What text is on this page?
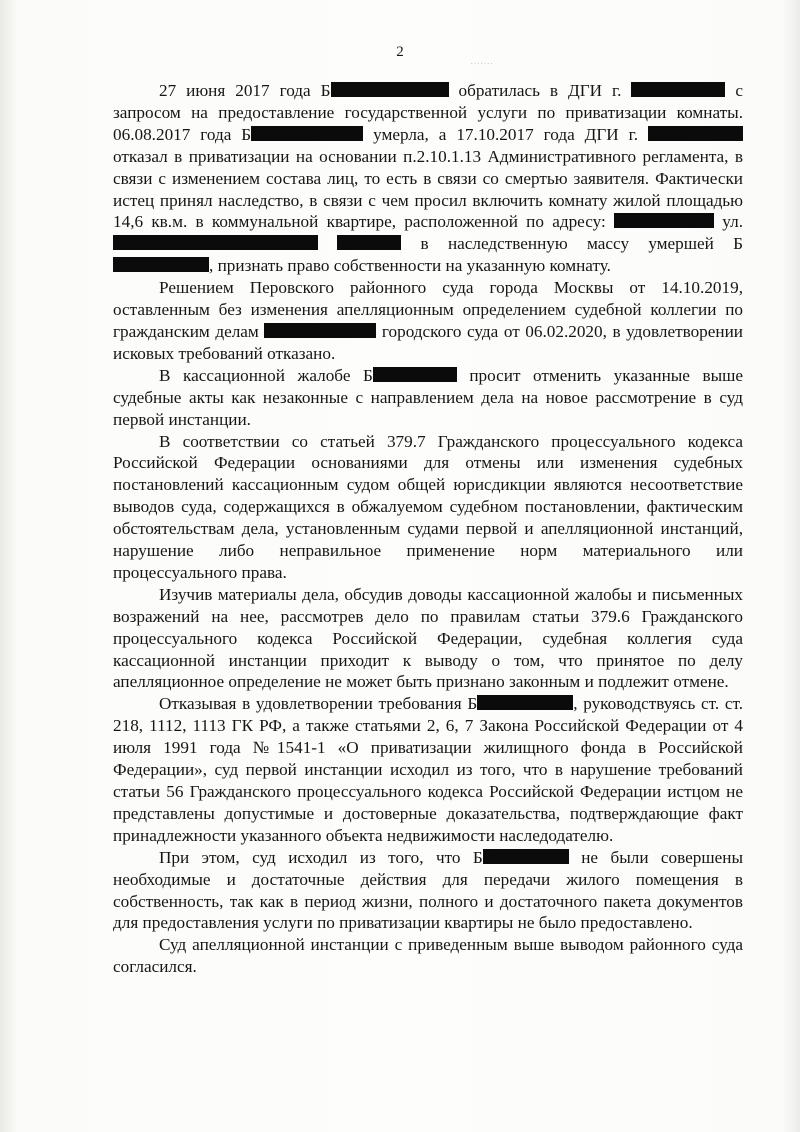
·······
2

27 июня 2017 года Б	обратилась в ДГИ г.	с запросом на предоставление государственной услуги по приватизации комнаты. 06.08.2017 года Б	умерла, а 17.10.2017 года ДГИ г.  отказал в приватизации на основании п.2.10.1.13 Административного регламента, в связи с изменением состава лиц, то есть в связи со смертью заявителя. Фактически истец принял наследство, в связи с чем просил включить комнату жилой площадью 14,6 кв.м. в коммунальной квартире, расположенной по адресу:	ул.   в наследственную массу умершей Б, признать право собственности на указанную комнату.

Решением Перовского районного суда города Москвы от 14.10.2019, оставленным без изменения апелляционным определением судебной коллегии по гражданским делам	городского суда от 06.02.2020, в удовлетворении исковых требований отказано.

В кассационной жалобе Б	просит отменить указанные выше судебные акты как незаконные с направлением дела на новое рассмотрение в суд первой инстанции.

В соответствии со статьей 379.7 Гражданского процессуального кодекса Российской Федерации основаниями для отмены или изменения судебных постановлений кассационным судом общей юрисдикции являются несоответствие выводов суда, содержащихся в обжалуемом судебном постановлении, фактическим обстоятельствам дела, установленным судами первой и апелляционной инстанций, нарушение либо неправильное применение норм материального или процессуального права.

Изучив материалы дела, обсудив доводы кассационной жалобы и письменных возражений на нее, рассмотрев дело по правилам статьи 379.6 Гражданского процессуального кодекса Российской Федерации, судебная коллегия суда кассационной инстанции приходит к выводу о том, что принятое по делу апелляционное определение не может быть признано законным и подлежит отмене.

Отказывая в удовлетворении требования Б	, руководствуясь ст. ст. 218, 1112, 1113 ГК РФ, а также статьями 2, 6, 7 Закона Российской Федерации от 4 июля 1991 года №1541-1 «О приватизации жилищного фонда в Российской Федерации», суд первой инстанции исходил из того, что в нарушение требований статьи 56 Гражданского процессуального кодекса Российской Федерации истцом не представлены допустимые и достоверные доказательства, подтверждающие факт принадлежности указанного объекта недвижимости наследодателю.

При этом, суд исходил из того, что Б	не были совершены необходимые и достаточные действия для передачи жилого помещения в собственность, так как в период жизни, полного и достаточного пакета документов для предоставления услуги по приватизации квартиры не было предоставлено.

Суд апелляционной инстанции с приведенным выше выводом районного суда согласился.
